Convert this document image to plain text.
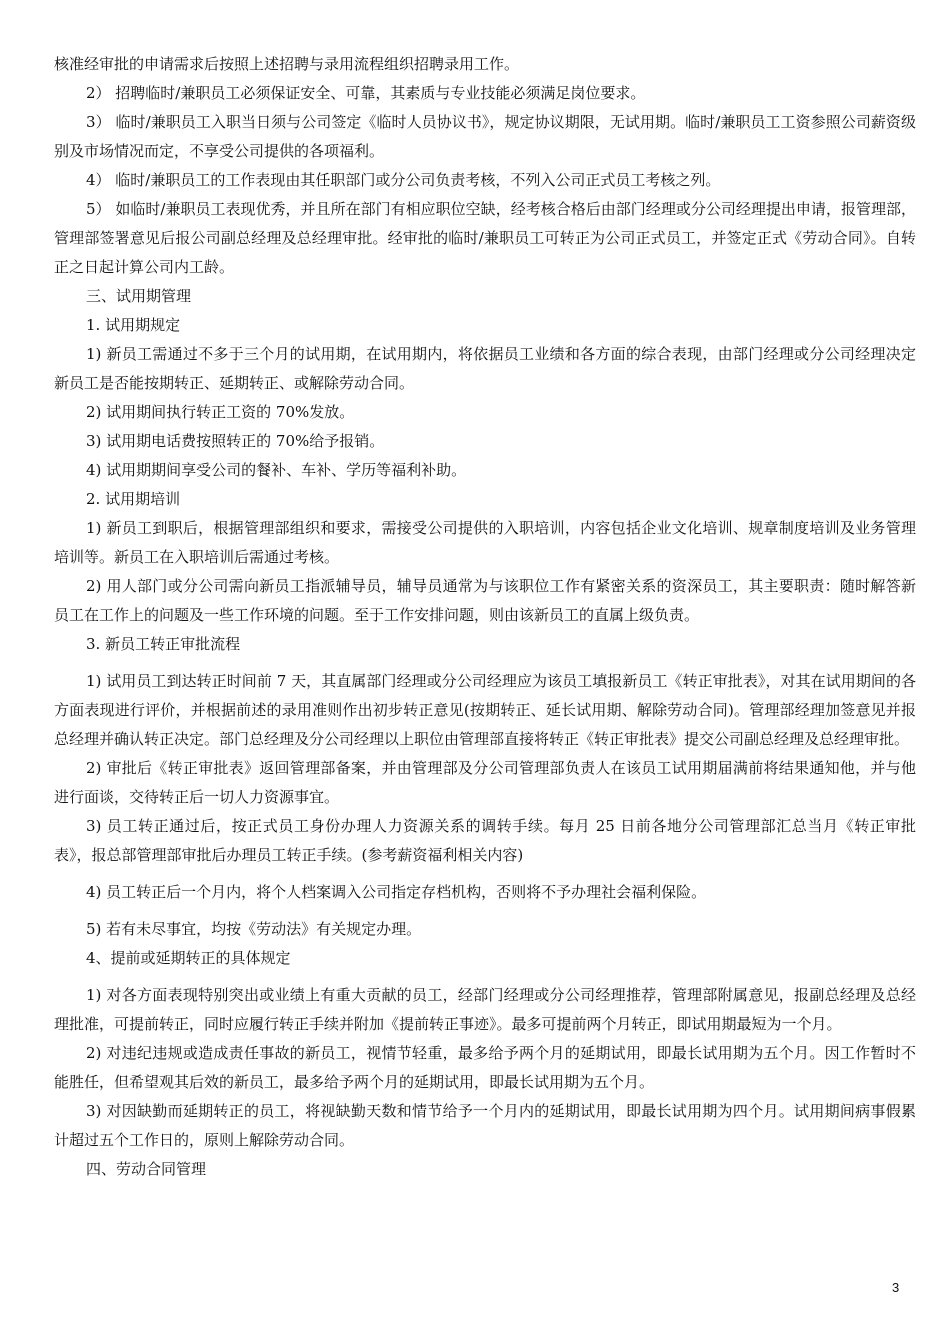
核准经审批的申请需求后按照上述招聘与录用流程组织招聘录用工作。

2） 招聘临时/兼职员工必须保证安全、可靠，其素质与专业技能必须满足岗位要求。

3） 临时/兼职员工入职当日须与公司签定《临时人员协议书》，规定协议期限，无试用期。临时/兼职员工工资参照公司薪资级别及市场情况而定，不享受公司提供的各项福利。

4） 临时/兼职员工的工作表现由其任职部门或分公司负责考核，不列入公司正式员工考核之列。

5） 如临时/兼职员工表现优秀，并且所在部门有相应职位空缺，经考核合格后由部门经理或分公司经理提出申请，报管理部，管理部签署意见后报公司副总经理及总经理审批。经审批的临时/兼职员工可转正为公司正式员工，并签定正式《劳动合同》。自转正之日起计算公司内工龄。

三、试用期管理

1. 试用期规定

1) 新员工需通过不多于三个月的试用期，在试用期内，将依据员工业绩和各方面的综合表现，由部门经理或分公司经理决定新员工是否能按期转正、延期转正、或解除劳动合同。

2) 试用期间执行转正工资的 70%发放。

3) 试用期电话费按照转正的 70%给予报销。

4) 试用期期间享受公司的餐补、车补、学历等福利补助。

2. 试用期培训

1) 新员工到职后，根据管理部组织和要求，需接受公司提供的入职培训，内容包括企业文化培训、规章制度培训及业务管理培训等。新员工在入职培训后需通过考核。

2) 用人部门或分公司需向新员工指派辅导员，辅导员通常为与该职位工作有紧密关系的资深员工，其主要职责：随时解答新员工在工作上的问题及一些工作环境的问题。至于工作安排问题，则由该新员工的直属上级负责。

3. 新员工转正审批流程

1) 试用员工到达转正时间前 7 天，其直属部门经理或分公司经理应为该员工填报新员工《转正审批表》，对其在试用期间的各方面表现进行评价，并根据前述的录用准则作出初步转正意见(按期转正、延长试用期、解除劳动合同)。管理部经理加签意见并报总经理并确认转正决定。部门总经理及分公司经理以上职位由管理部直接将转正《转正审批表》提交公司副总经理及总经理审批。

2) 审批后《转正审批表》返回管理部备案，并由管理部及分公司管理部负责人在该员工试用期届满前将结果通知他，并与他进行面谈，交待转正后一切人力资源事宜。

3) 员工转正通过后，按正式员工身份办理人力资源关系的调转手续。每月 25 日前各地分公司管理部汇总当月《转正审批表》，报总部管理部审批后办理员工转正手续。(参考薪资福利相关内容)

4) 员工转正后一个月内，将个人档案调入公司指定存档机构，否则将不予办理社会福利保险。

5) 若有未尽事宜，均按《劳动法》有关规定办理。

4、提前或延期转正的具体规定

1) 对各方面表现特别突出或业绩上有重大贡献的员工，经部门经理或分公司经理推荐，管理部附属意见，报副总经理及总经理批准，可提前转正，同时应履行转正手续并附加《提前转正事迹》。最多可提前两个月转正，即试用期最短为一个月。

2) 对违纪违规或造成责任事故的新员工，视情节轻重，最多给予两个月的延期试用，即最长试用期为五个月。因工作暂时不能胜任，但希望观其后效的新员工，最多给予两个月的延期试用，即最长试用期为五个月。

3) 对因缺勤而延期转正的员工，将视缺勤天数和情节给予一个月内的延期试用，即最长试用期为四个月。试用期间病事假累计超过五个工作日的，原则上解除劳动合同。

四、劳动合同管理

3
